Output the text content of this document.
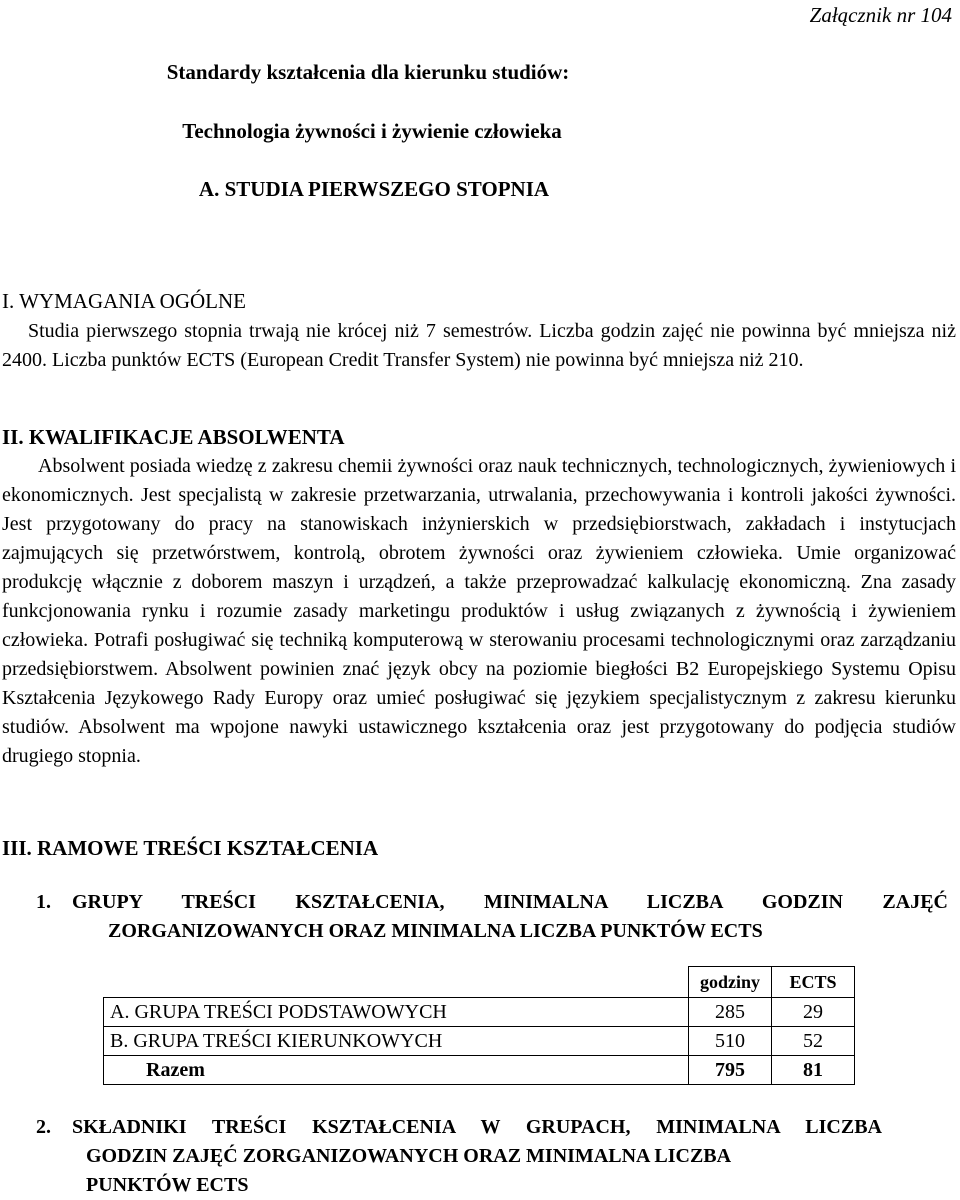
Załącznik nr 104
Standardy kształcenia dla kierunku studiów:
Technologia żywności i żywienie człowieka
A. STUDIA PIERWSZEGO STOPNIA
I. WYMAGANIA OGÓLNE
Studia pierwszego stopnia trwają nie krócej niż 7 semestrów. Liczba godzin zajęć nie powinna być mniejsza niż 2400. Liczba punktów ECTS (European Credit Transfer System) nie powinna być mniejsza niż 210.
II. KWALIFIKACJE ABSOLWENTA
Absolwent posiada wiedzę z zakresu chemii żywności oraz nauk technicznych, technologicznych, żywieniowych i ekonomicznych. Jest specjalistą w zakresie przetwarzania, utrwalania, przechowywania i kontroli jakości żywności. Jest przygotowany do pracy na stanowiskach inżynierskich w przedsiębiorstwach, zakładach i instytucjach zajmujących się przetwórstwem, kontrolą, obrotem żywności oraz żywieniem człowieka. Umie organizować produkcję włącznie z doborem maszyn i urządzeń, a także przeprowadzać kalkulację ekonomiczną. Zna zasady funkcjonowania rynku i rozumie zasady marketingu produktów i usług związanych z żywnością i żywieniem człowieka. Potrafi posługiwać się techniką komputerową w sterowaniu procesami technologicznymi oraz zarządzaniu przedsiębiorstwem. Absolwent powinien znać język obcy na poziomie biegłości B2 Europejskiego Systemu Opisu Kształcenia Językowego Rady Europy oraz umieć posługiwać się językiem specjalistycznym z zakresu kierunku studiów. Absolwent ma wpojone nawyki ustawicznego kształcenia oraz jest przygotowany do podjęcia studiów drugiego stopnia.
III. RAMOWE TREŚCI KSZTAŁCENIA
1. GRUPY TREŚCI KSZTAŁCENIA, MINIMALNA LICZBA GODZIN ZAJĘĆ
ZORGANIZOWANYCH ORAZ MINIMALNA LICZBA PUNKTÓW ECTS
	godziny	ECTS
A. GRUPA TREŚCI PODSTAWOWYCH	285	29
B. GRUPA TREŚCI KIERUNKOWYCH	510	52
Razem	795	81
2. SKŁADNIKI TREŚCI KSZTAŁCENIA W GRUPACH, MINIMALNA LICZBA
GODZIN ZAJĘĆ ZORGANIZOWANYCH ORAZ MINIMALNA LICZBA
PUNKTÓW ECTS
